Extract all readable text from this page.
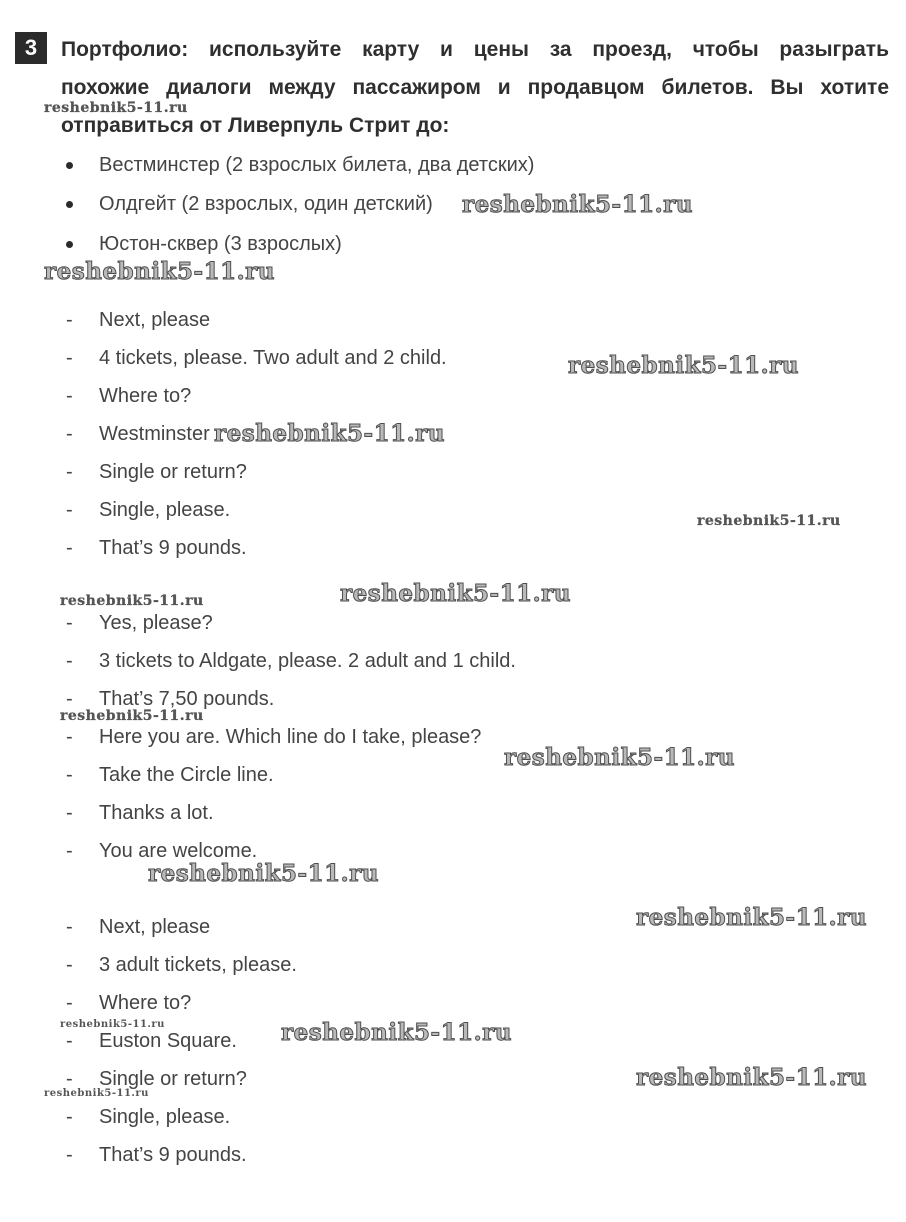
3	Портфолио: используйте карту и цены за проезд, чтобы разыграть
похожие диалоги между пассажиром и продавцом билетов. Вы хотите
отправиться от Ливерпуль Стрит до:
Вестминстер (2 взрослых билета, два детских)
Олдгейт (2 взрослых, один детский)
Юстон-сквер (3 взрослых)
- Next, please
- 4 tickets, please. Two adult and 2 child.
- Where to?
- Westminster
- Single or return?
- Single, please.
- That’s 9 pounds.
- Yes, please?
- 3 tickets to Aldgate, please. 2 adult and 1 child.
- That’s 7,50 pounds.
- Here you are. Which line do I take, please?
- Take the Circle line.
- Thanks a lot.
- You are welcome.
- Next, please
- 3 adult tickets, please.
- Where to?
- Euston Square.
- Single or return?
- Single, please.
- That’s 9 pounds.
reshebnik5-11.ru
reshebnik5-11.ru
reshebnik5-11.ru
reshebnik5-11.ru
reshebnik5-11.ru
reshebnik5-11.ru
reshebnik5-11.ru
reshebnik5-11.ru
reshebnik5-11.ru
reshebnik5-11.ru
reshebnik5-11.ru
reshebnik5-11.ru
reshebnik5-11.ru	reshebnik5-11.ru
reshebnik5-11.ru
reshebnik5-11.ru
